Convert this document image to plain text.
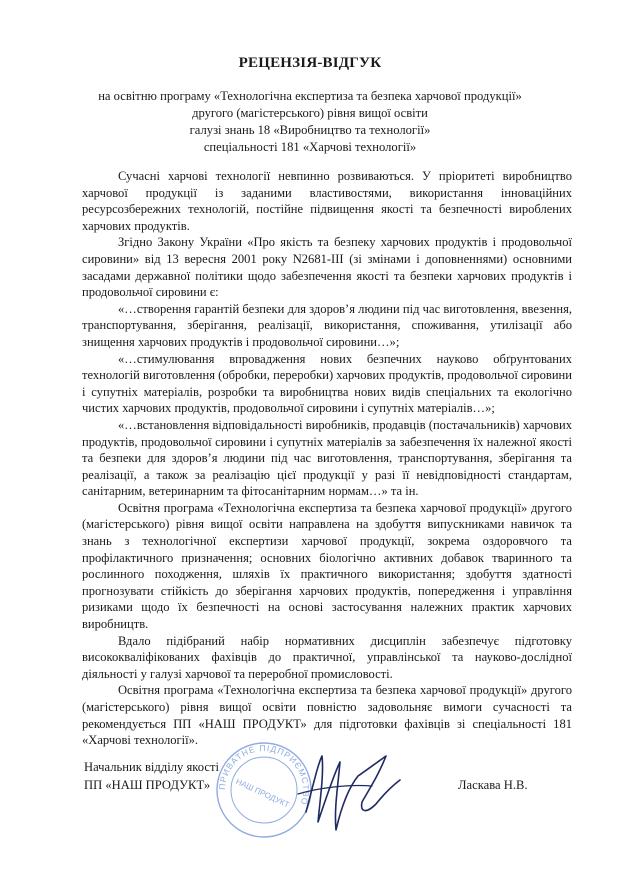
РЕЦЕНЗІЯ-ВІДГУК
на освітню програму «Технологічна експертиза та безпека харчової продукції»
другого (магістерського) рівня вищої освіти
галузі знань 18 «Виробництво та технології»
спеціальності 181 «Харчові технології»

Сучасні харчові технології невпинно розвиваються. У пріоритеті виробництво харчової продукції із заданими властивостями, використання інноваційних ресурсозбережних технологій, постійне підвищення якості та безпечності вироблених харчових продуктів.

Згідно Закону України «Про якість та безпеку харчових продуктів і продовольчої сировини» від 13 вересня 2001 року N2681-III (зі змінами і доповненнями) основними засадами державної політики щодо забезпечення якості та безпеки харчових продуктів і продовольчої сировини є:

«…створення гарантій безпеки для здоров’я людини під час виготовлення, ввезення, транспортування, зберігання, реалізації, використання, споживання, утилізації або знищення харчових продуктів і продовольчої сировини…»;

«…стимулювання впровадження нових безпечних науково обґрунтованих технологій виготовлення (обробки, переробки) харчових продуктів, продовольчої сировини і супутніх матеріалів, розробки та виробництва нових видів спеціальних та екологічно чистих харчових продуктів, продовольчої сировини і супутніх матеріалів…»;

«…встановлення відповідальності виробників, продавців (постачальників) харчових продуктів, продовольчої сировини і супутніх матеріалів за забезпечення їх належної якості та безпеки для здоров’я людини під час виготовлення, транспортування, зберігання та реалізації, а також за реалізацію цієї продукції у разі її невідповідності стандартам, санітарним, ветеринарним та фітосанітарним нормам…» та ін.

Освітня програма «Технологічна експертиза та безпека харчової продукції» другого (магістерського) рівня вищої освіти направлена на здобуття випускниками навичок та знань з технологічної експертизи харчової продукції, зокрема оздоровчого та профілактичного призначення; основних біологічно активних добавок тваринного та рослинного походження, шляхів їх практичного використання; здобуття здатності прогнозувати стійкість до зберігання харчових продуктів, попередження і управління ризиками щодо їх безпечності на основі застосування належних практик харчових виробництв.

Вдало підібраний набір нормативних дисциплін забезпечує підготовку висококваліфікованих фахівців до практичної, управлінської та науково-дослідної діяльності у галузі харчової та переробної промисловості.

Освітня програма «Технологічна експертиза та безпека харчової продукції» другого (магістерського) рівня вищої освіти повністю задовольняє вимоги сучасності та рекомендується ПП «НАШ ПРОДУКТ» для підготовки фахівців зі спеціальності 181 «Харчові технології».

Начальник відділу якості
ПП «НАШ ПРОДУКТ»	Ласкава Н.В.
ПРИВАТНЕ ПІДПРИЄМСТВО
НАШ ПРОДУКТ
